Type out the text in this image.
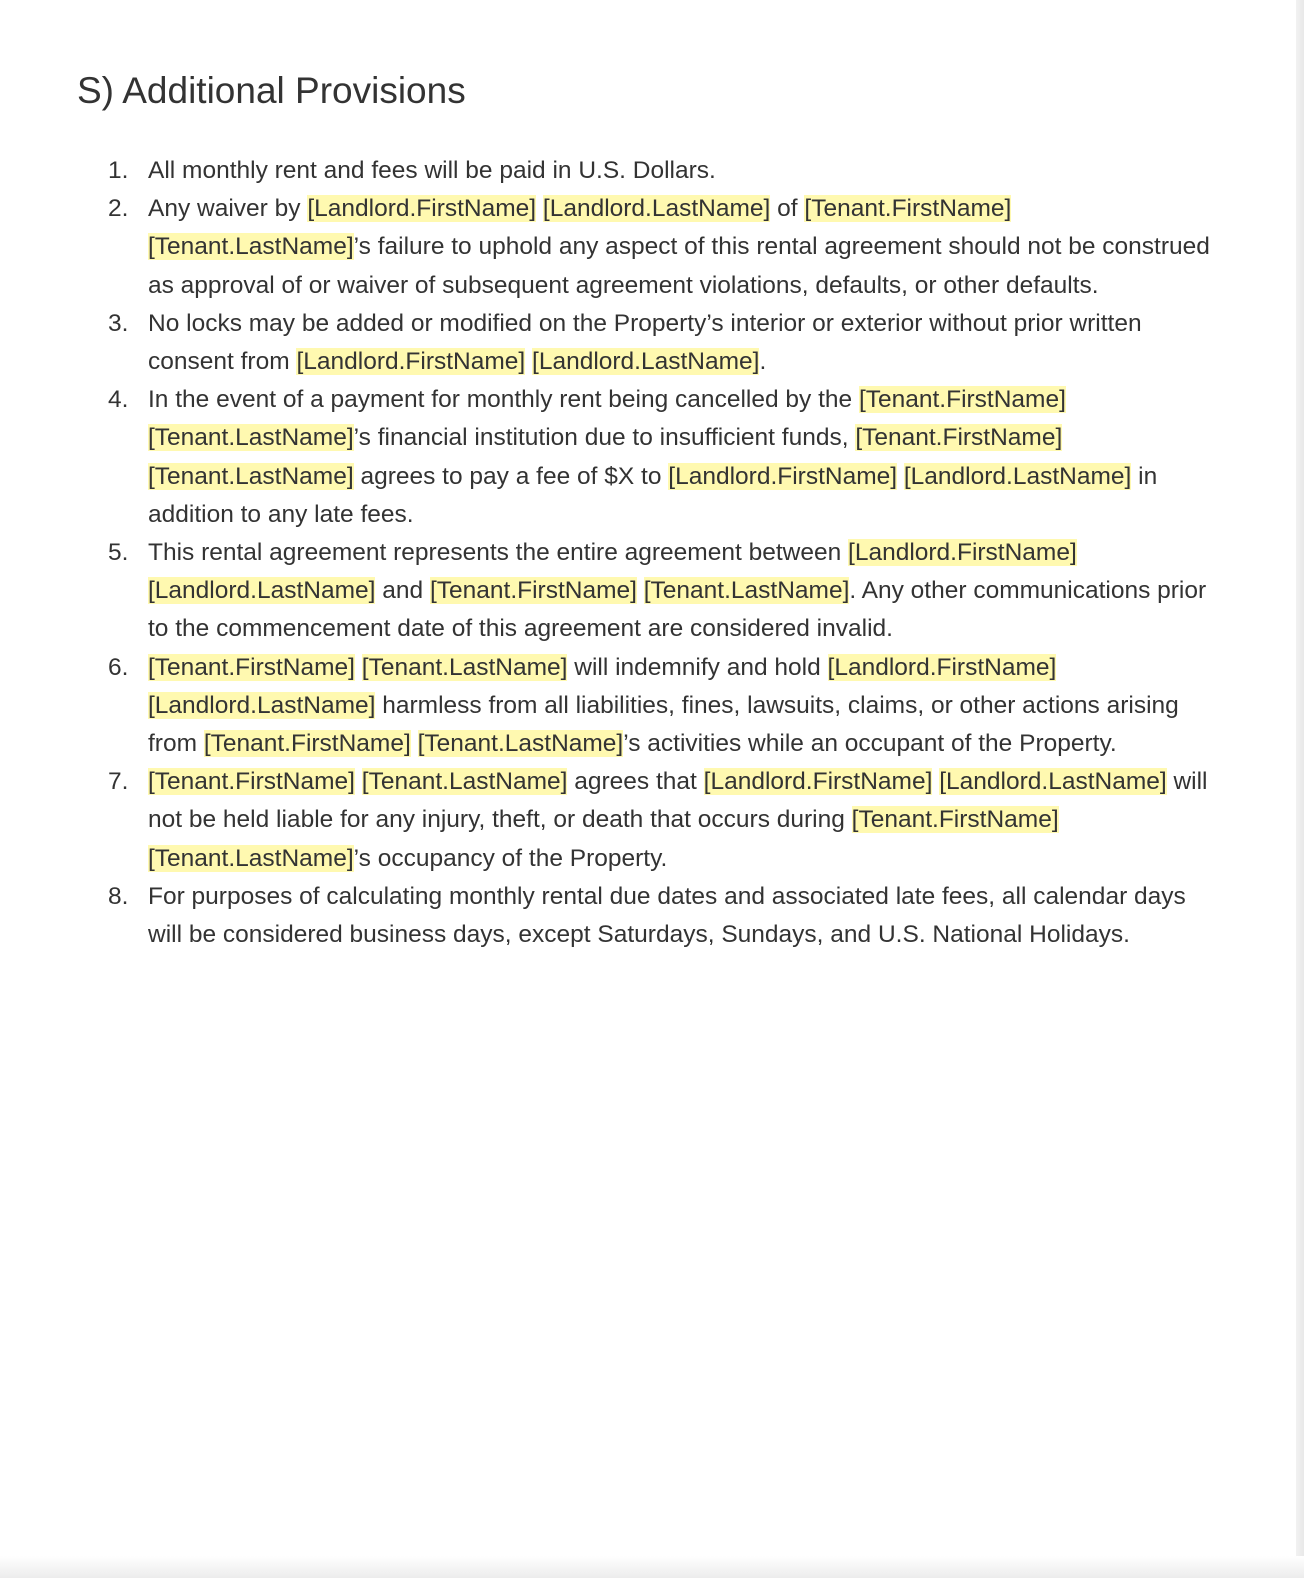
S) Additional Provisions
1. All monthly rent and fees will be paid in U.S. Dollars.
2. Any waiver by [Landlord.FirstName] [Landlord.LastName] of [Tenant.FirstName] [Tenant.LastName]’s failure to uphold any aspect of this rental agreement should not be construed as approval of or waiver of subsequent agreement violations, defaults, or other defaults.
3. No locks may be added or modified on the Property’s interior or exterior without prior written consent from [Landlord.FirstName] [Landlord.LastName].
4. In the event of a payment for monthly rent being cancelled by the [Tenant.FirstName] [Tenant.LastName]’s financial institution due to insufficient funds, [Tenant.FirstName] [Tenant.LastName] agrees to pay a fee of $X to [Landlord.FirstName] [Landlord.LastName] in addition to any late fees.
5. This rental agreement represents the entire agreement between [Landlord.FirstName] [Landlord.LastName] and [Tenant.FirstName] [Tenant.LastName]. Any other communications prior to the commencement date of this agreement are considered invalid.
6. [Tenant.FirstName] [Tenant.LastName] will indemnify and hold [Landlord.FirstName] [Landlord.LastName] harmless from all liabilities, fines, lawsuits, claims, or other actions arising from [Tenant.FirstName] [Tenant.LastName]’s activities while an occupant of the Property.
7. [Tenant.FirstName] [Tenant.LastName] agrees that [Landlord.FirstName] [Landlord.LastName] will not be held liable for any injury, theft, or death that occurs during [Tenant.FirstName] [Tenant.LastName]’s occupancy of the Property.
8. For purposes of calculating monthly rental due dates and associated late fees, all calendar days will be considered business days, except Saturdays, Sundays, and U.S. National Holidays.
